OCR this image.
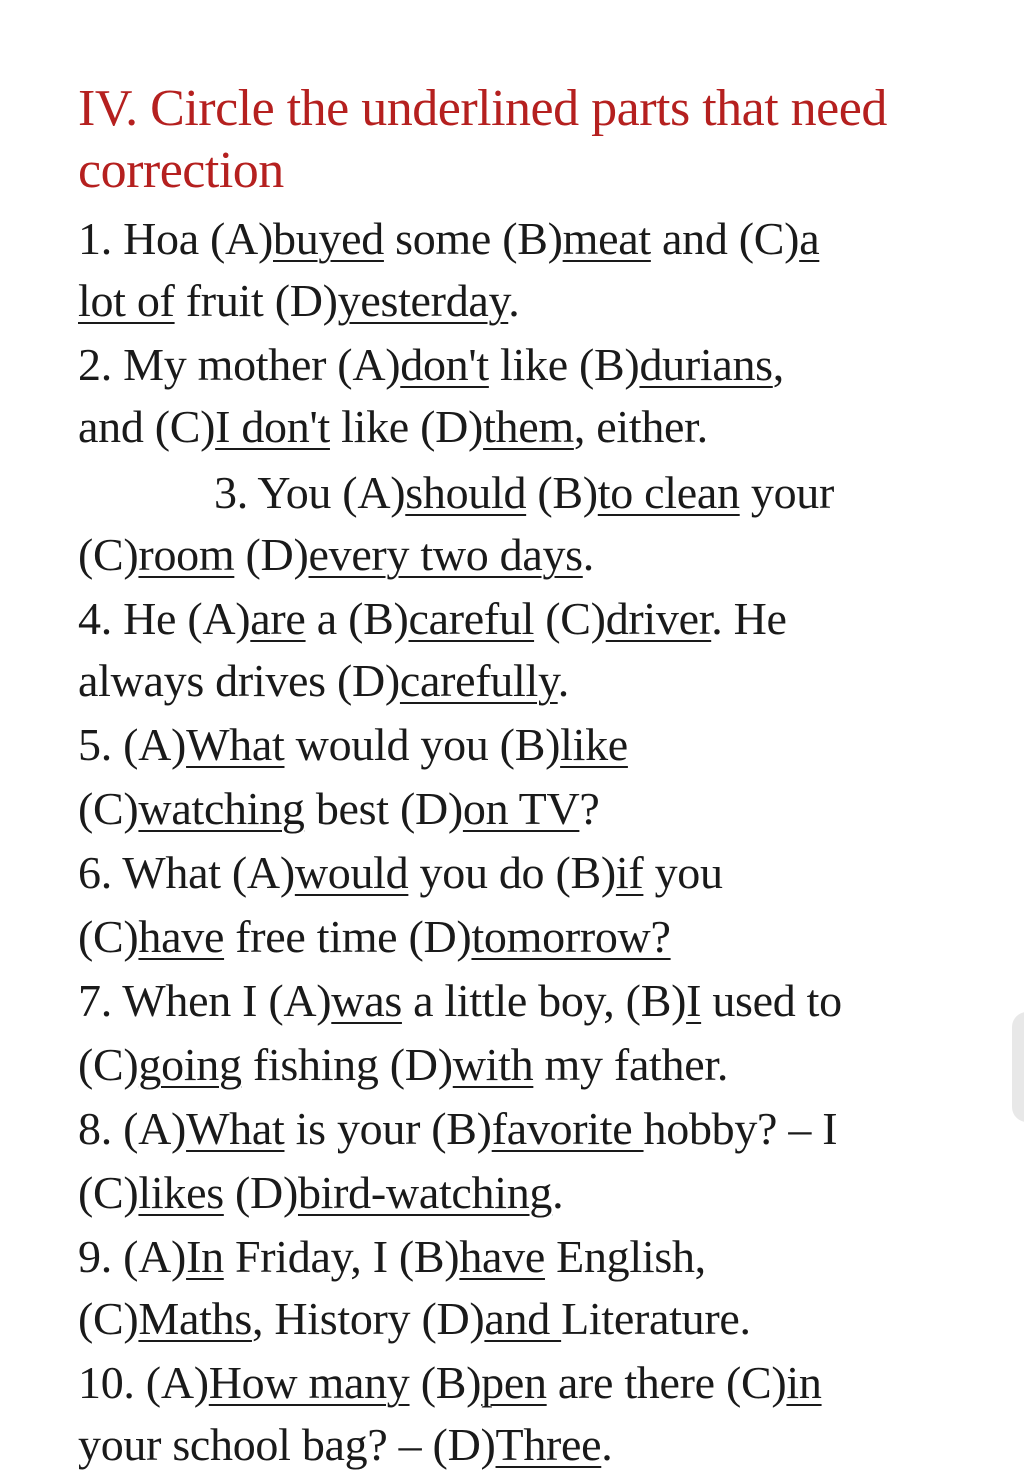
IV. Circle the underlined parts that need correction
1. Hoa (A)buyed some (B)meat and (C)a
lot of fruit (D)yesterday.
2. My mother (A)don't like (B)durians,
and (C)I don't like (D)them, either.
3. You (A)should (B)to clean your
(C)room (D)every two days.
4. He (A)are a (B)careful (C)driver. He
always drives (D)carefully.
5. (A)What would you (B)like
(C)watching best (D)on TV?
6. What (A)would you do (B)if you
(C)have free time (D)tomorrow?
7. When I (A)was a little boy, (B)I used to
(C)going fishing (D)with my father.
8. (A)What is your (B)favorite hobby? – I
(C)likes (D)bird-watching.
9. (A)In Friday, I (B)have English,
(C)Maths, History (D)and Literature.
10. (A)How many (B)pen are there (C)in
your school bag? – (D)Three.
